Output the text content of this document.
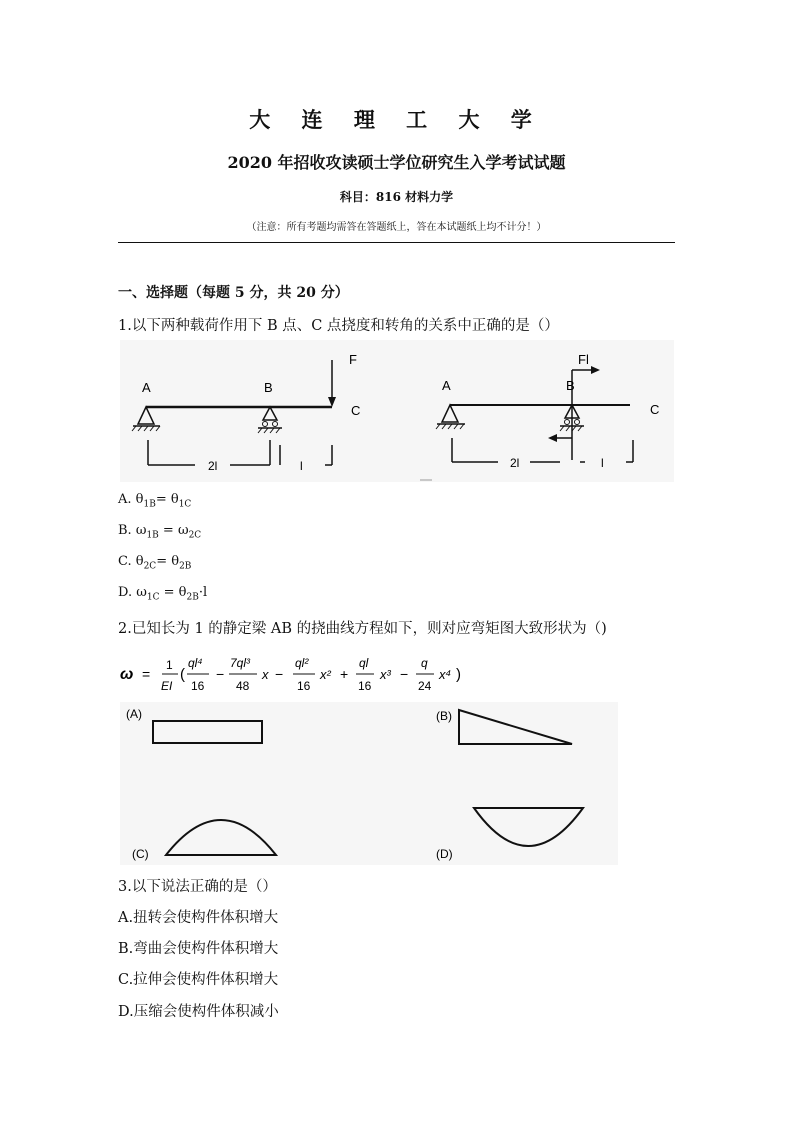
大 连 理 工 大 学
2020 年招收攻读硕士学位研究生入学考试试题
科目：816 材料力学
（注意：所有考题均需答在答题纸上，答在本试题纸上均不计分！）
一、选择题（每题 5 分，共 20 分）
1.以下两种载荷作用下 B 点、C 点挠度和转角的关系中正确的是（）
A	B
C
F
2l	l
Fl
A	B
C
2l	l
A. $\theta_{1B}= \theta_{1C}$
B. $\omega_{1B} = \omega_{2C}$
C. $\theta_{2C}= \theta_{2B}$
D. $\omega_{1C} = \theta_{2B}\cdot l$
2.已知长为 1 的静定梁 AB 的挠曲线方程如下，则对应弯矩图大致形状为（)
ω =
1
EI
(
ql⁴
16
−
7ql³
48
x −
ql²
16
x² +
ql
16
x³ −
q
24
x⁴ )
(A)	(B)
(C)	(D)
3.以下说法正确的是（）
A.扭转会使构件体积增大
B.弯曲会使构件体积增大
C.拉伸会使构件体积增大
D.压缩会使构件体积减小
